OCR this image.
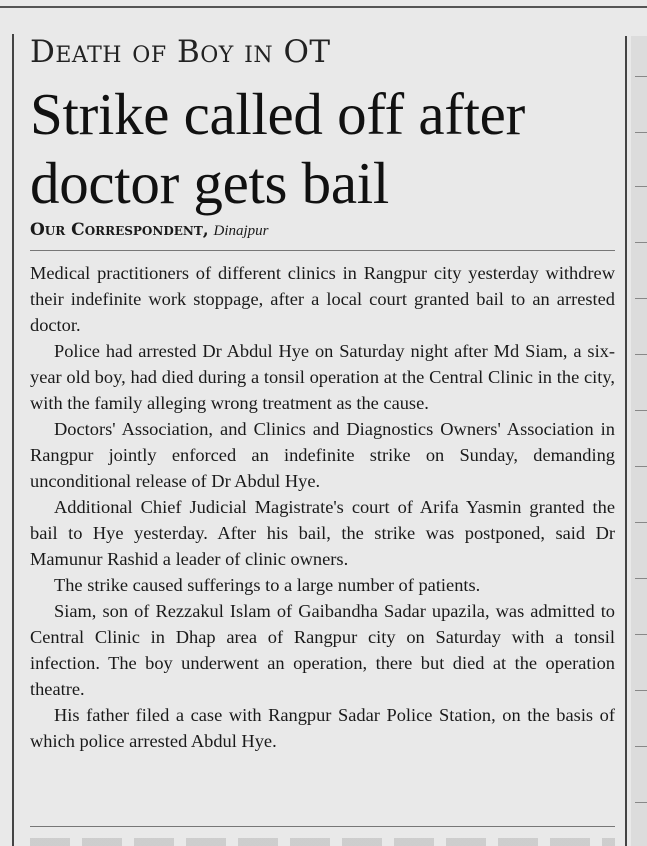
Death of Boy in OT
Strike called off after doctor gets bail
Our Correspondent, Dinajpur

Medical practitioners of different clinics in Rangpur city yesterday withdrew their indefinite work stoppage, after a local court granted bail to an arrested doctor.

Police had arrested Dr Abdul Hye on Saturday night after Md Siam, a six-year old boy, had died during a tonsil operation at the Central Clinic in the city, with the family alleging wrong treatment as the cause.

Doctors' Association, and Clinics and Diagnostics Owners' Association in Rangpur jointly enforced an indefinite strike on Sunday, demanding unconditional release of Dr Abdul Hye.

Additional Chief Judicial Magistrate's court of Arifa Yasmin granted the bail to Hye yesterday. After his bail, the strike was postponed, said Dr Mamunur Rashid a leader of clinic owners.

The strike caused sufferings to a large number of patients.

Siam, son of Rezzakul Islam of Gaibandha Sadar upazila, was admitted to Central Clinic in Dhap area of Rangpur city on Saturday with a tonsil infection. The boy underwent an operation, there but died at the operation theatre.

His father filed a case with Rangpur Sadar Police Station, on the basis of which police arrested Abdul Hye.
